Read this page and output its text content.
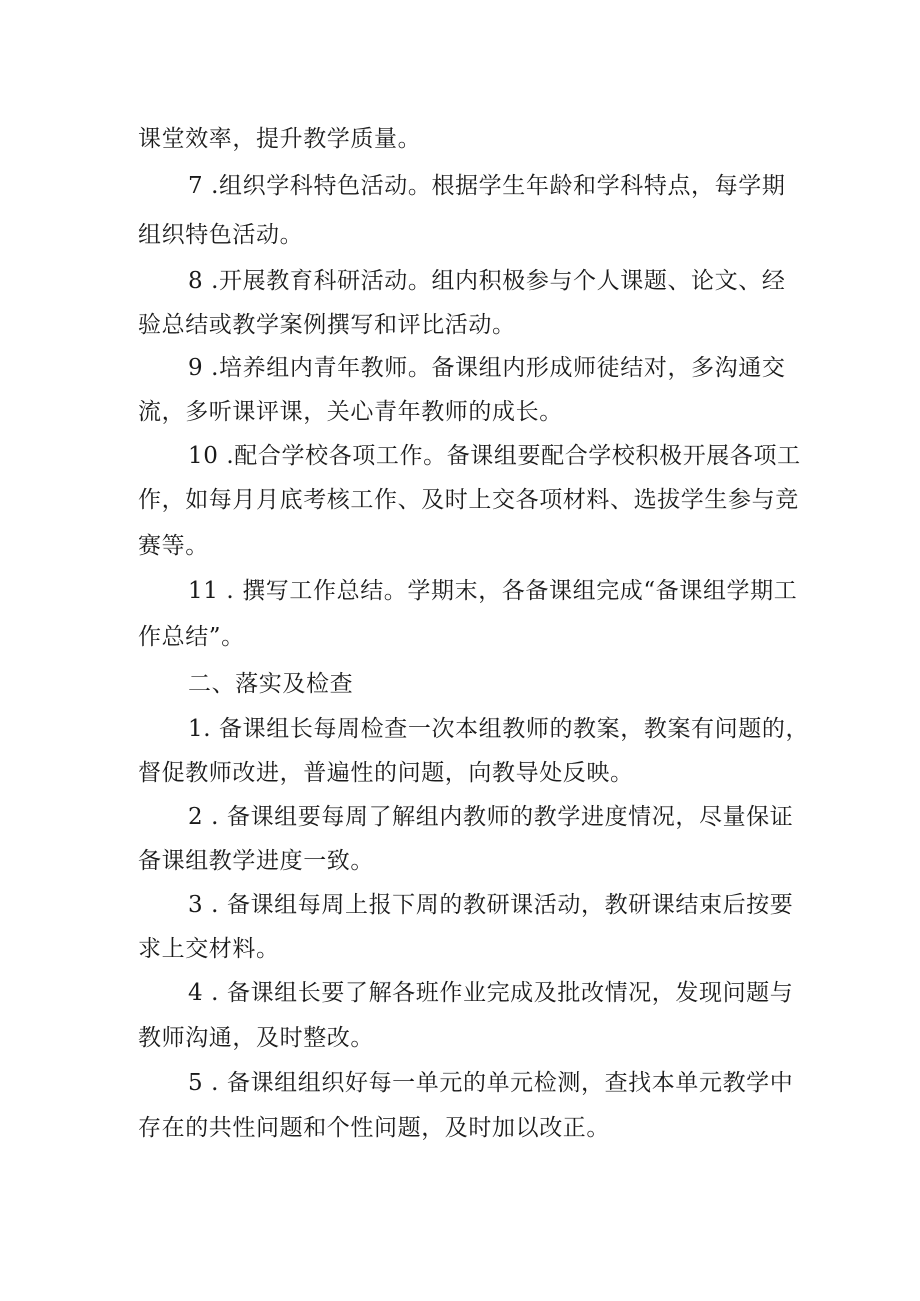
课堂效率，提升教学质量。
7 .组织学科特色活动。根据学生年龄和学科特点，每学期
组织特色活动。
8 .开展教育科研活动。组内积极参与个人课题、论文、经
验总结或教学案例撰写和评比活动。
9 .培养组内青年教师。备课组内形成师徒结对，多沟通交
流，多听课评课，关心青年教师的成长。
10 .配合学校各项工作。备课组要配合学校积极开展各项工
作，如每月月底考核工作、及时上交各项材料、选拔学生参与竞
赛等。
11 . 撰写工作总结。学期末，各备课组完成“备课组学期工
作总结”。
二、落实及检查
1. 备课组长每周检查一次本组教师的教案，教案有问题的，
督促教师改进，普遍性的问题，向教导处反映。
2 . 备课组要每周了解组内教师的教学进度情况，尽量保证
备课组教学进度一致。
3 . 备课组每周上报下周的教研课活动，教研课结束后按要
求上交材料。
4 . 备课组长要了解各班作业完成及批改情况，发现问题与
教师沟通，及时整改。
5 . 备课组组织好每一单元的单元检测，查找本单元教学中
存在的共性问题和个性问题，及时加以改正。
